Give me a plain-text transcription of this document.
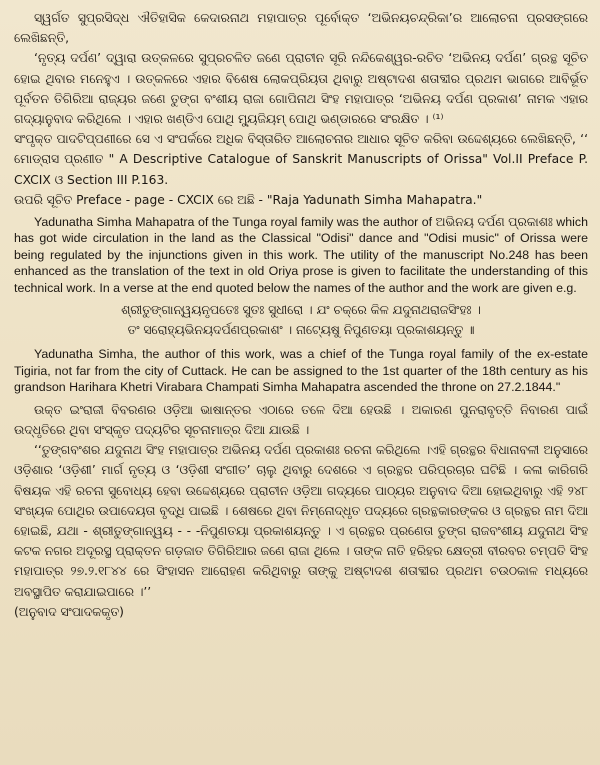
ସ୍ୱର୍ଗତ ସୁପ୍ରସିଦ୍ଧ ଐତିହାସିକ କେଦାରନାଥ ମହାପାତ୍ର ପୂର୍ବୋକ୍ତ ‘ଅଭିନୟଚନ୍ଦ୍ରିକା’ର ଆଲୋଚନା ପ୍ରସଙ୍ଗରେ ଲେଖିଛନ୍ତି,

‘ନୃତ୍ୟ ଦର୍ପଣ’ ଦ୍ୱାରା ଉତ୍କଳରେ ସୁପ୍ରଚଳିତ ଜଣେ ପ୍ରାଚୀନ ସୂରି ନନ୍ଦିକେଶ୍ୱର-ରଚିତ ‘ଅଭିନୟ ଦର୍ପଣ’ ଗ୍ରନ୍ଥ ସୂଚିତ ହୋଇ ଥିବାର ମନେହୁଏ । ଉତ୍କଳରେ ଏହାର ବିଶେଷ ଲୋକପ୍ରିୟତା ଥିବାରୁ ଅଷ୍ଟାଦଶ ଶତାବ୍ଦୀର ପ୍ରଥମ ଭାଗରେ ଆବିର୍ଭୂତ ପୂର୍ବତନ ତିଗିରିଆ ରାଜ୍ୟର ଜଣେ ତୁଙ୍ଗ ବଂଶୀୟ ରାଜା ଗୋପିନାଥ ସିଂହ ମହାପାତ୍ର ‘ଅଭିନୟ ଦର୍ପଣ ପ୍ରକାଶ’ ନାମକ ଏହାର ଗଦ୍ୟାନୁବାଦ କରିଥିଲେ । ଏହାର ଖଣ୍ଡିଏ ପୋଥି ମ୍ୟୁଜିୟମ୍ ପୋଥି ଭଣ୍ଡାରରେ ସଂରକ୍ଷିତ । ⁽¹⁾

ସଂପୃକ୍ତ ପାଦଟିପ୍ପଣୀରେ ସେ ଏ ସଂପର୍କରେ ଅଧିକ ବିସ୍ତାରିତ ଆଲୋଚନାର ଆଧାର ସୂଚିତ କରିବା ଉଦ୍ଦେଶ୍ୟରେ ଲେଖିଛନ୍ତି, ‘‘ ମୋଡ୍ରାସ ପ୍ରଣୀତ " A Descriptive Catalogue of Sanskrit Manuscripts of Orissa" Vol.II Preface P. CXCIX ଓ Section III P.163.

ଉପରି ସୂଚିତ Preface - page - CXCIX ରେ ଅଛି - "Raja Yadunath Simha Mahapatra."

Yadunatha Simha Mahapatra of the Tunga royal family was the author of ଅଭିନୟ ଦର୍ପଣ ପ୍ରକାଶଃ which has got wide circulation in the land as the Classical "Odisi" dance and "Odisi music" of Orissa were being regulated by the injunctions given in this work. The utility of the manuscript No.248 has been enhanced as the translation of the text in old Oriya prose is given to facilitate the understanding of this technical work. In a verse at the end quoted below the names of the author and the work are given e.g.

ଶ୍ରୀତୁଙ୍ଗାନ୍ୱୟନୃପତେଃ ସୁତଃ ସୁଧୀରୋ । ଯଂ ଚକ୍ରେ କିଳ ଯଦୁନାଥରାଜସିଂହଃ ।

ତଂ ସରୋହ୍ୟଭିନୟଦର୍ପଣପ୍ରକାଶଂ । ନାଟ୍ୟେଷୁ ନିପୁଣତୟା ପ୍ରକାଶୟନ୍ତୁ ॥

Yadunatha Simha, the author of this work, was a chief of the Tunga royal family of the ex-estate Tigiria, not far from the city of Cuttack. He can be assigned to the 1st quarter of the 18th century as his grandson Harihara Khetri Virabara Champati Simha Mahapatra ascended the throne on 27.2.1844."

ଉକ୍ତ ଇଂରାଜୀ ବିବରଣର ଓଡ଼ିଆ ଭାଷାନ୍ତର ଏଠାରେ ତଳେ ଦିଆ ହେଉଛି । ଅକାରଣ ପୁନରାବୃତ୍ତି ନିବାରଣ ପାଇଁ ଉଦ୍ଧୃତିରେ ଥିବା ସଂସ୍କୃତ ପଦ୍ୟଟିର ସୂଚନାମାତ୍ର ଦିଆ ଯାଉଛି ।

‘‘ତୁଙ୍ଗବଂଶର ଯଦୁନାଥ ସିଂହ ମହାପାତ୍ର ଅଭିନୟ ଦର୍ପଣ ପ୍ରକାଶଃ ରଚନା କରିଥିଲେ ।ଏହି ଗ୍ରନ୍ଥର ବିଧାନାବଳୀ ଅନୁସାରେ ଓଡ଼ିଶାର ‘ଓଡ଼ିଶୀ’ ମାର୍ଗ ନୃତ୍ୟ ଓ ‘ଓଡ଼ିଶୀ ସଂଗୀତ’ ଚାଲୁ ଥିବାରୁ ଦେଶରେ ଏ ଗ୍ରନ୍ଥର ପରିପ୍ରଚାର ଘଟିଛି । କଳା କାରିଗରି ବିଷୟକ ଏହି ରଚନା ସୁବୋଧ୍ୟ ହେବା ଉଦ୍ଦେଶ୍ୟରେ ପ୍ରାଚୀନ ଓଡ଼ିଆ ଗଦ୍ୟରେ ପାଠ୍ୟର ଅନୁବାଦ ଦିଆ ହୋଇଥିବାରୁ ଏହି ୨୪୮ ସଂଖ୍ୟକ ପୋଥିର ଉପାଦେୟତା ବୃଦ୍ଧି ପାଇଛି । ଶେଷରେ ଥିବା ନିମ୍ନୋଦ୍ଧୃତ ପଦ୍ୟରେ ଗ୍ରନ୍ଥକାରଙ୍କର ଓ ଗ୍ରନ୍ଥର ନାମ ଦିଆ ହୋଇଛି, ଯଥା - ଶ୍ରୀତୁଙ୍ଗାନ୍ୱୟ - - -ନିପୁଣତୟା ପ୍ରକାଶୟନ୍ତୁ । ଏ ଗ୍ରନ୍ଥର ପ୍ରଣେତା ତୁଙ୍ଗ ରାଜବଂଶୀୟ ଯଦୁନାଥ ସିଂହ କଟକ ନଗର ଅଦୂରସ୍ଥ ପ୍ରାକ୍ତନ ଗଡ଼ଜାତ ତିଗିରିଆର ଜଣେ ରାଜା ଥିଲେ । ତାଙ୍କ ନାତି ହରିହର କ୍ଷେତ୍ରୀ ବୀରବର ଚମ୍ପତି ସିଂହ ମହାପାତ୍ର ୨୭.୨.୧୮୪୪ ରେ ସିଂହାସନ ଆରୋହଣ କରିଥିବାରୁ ତାଙ୍କୁ ଅଷ୍ଟାଦଶ ଶତାବ୍ଦୀର ପ୍ରଥମ ଚଉଠକାଳ ମଧ୍ୟରେ ଅବସ୍ଥାପିତ କରାଯାଇପାରେ ।’’

(ଅନୁବାଦ ସଂପାଦକକୃତ)
